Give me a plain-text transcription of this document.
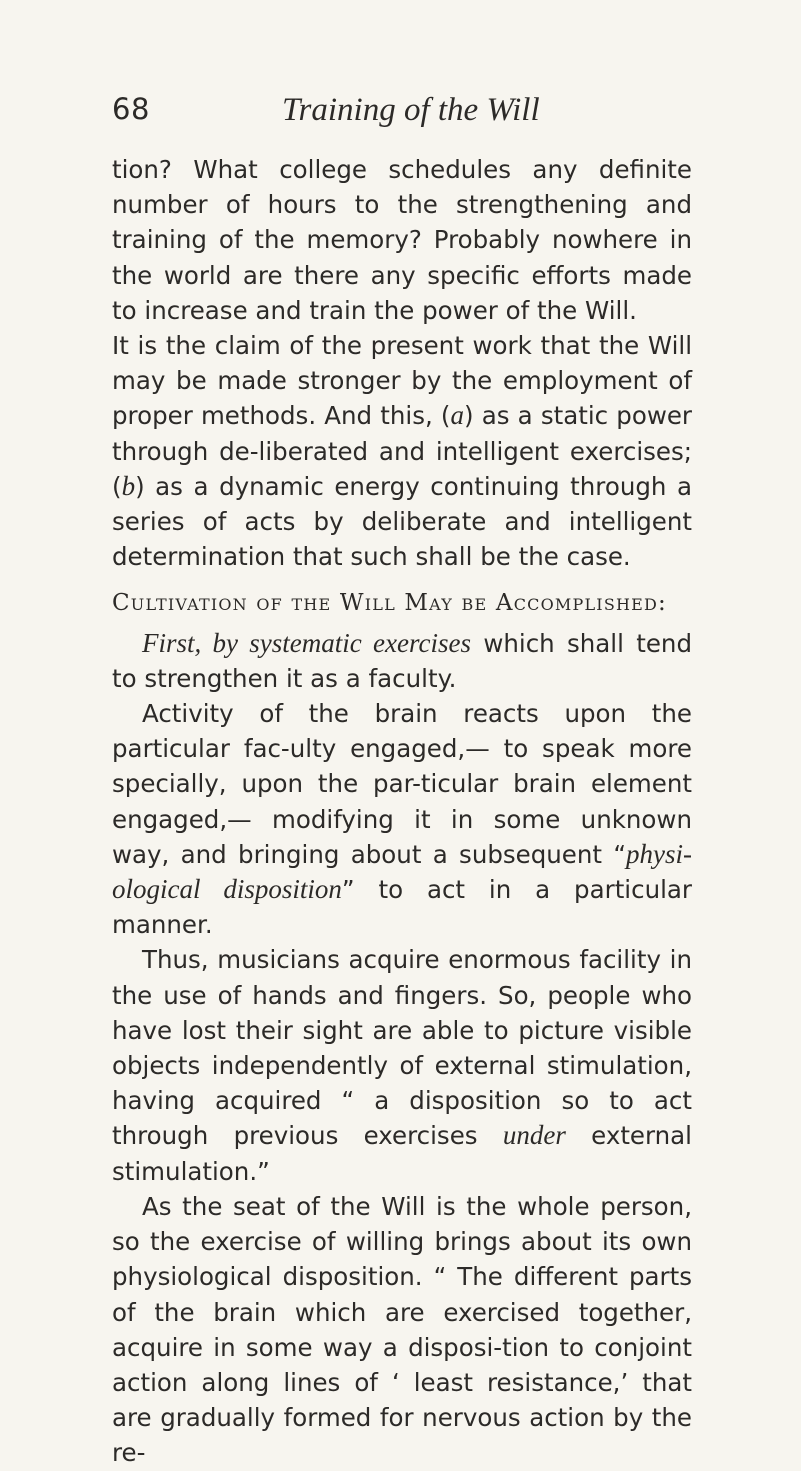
68	Training of the Will

tion? What college schedules any definite number of hours to the strengthening and training of the memory? Probably nowhere in the world are there any specific efforts made to increase and train the power of the Will.

It is the claim of the present work that the Will may be made stronger by the employment of proper methods. And this, (a) as a static power through de-liberated and intelligent exercises; (b) as a dynamic energy continuing through a series of acts by deliberate and intelligent determination that such shall be the case.

Cultivation of the Will May be Accomplished:

First, by systematic exercises which shall tend to strengthen it as a faculty.

Activity of the brain reacts upon the particular fac-ulty engaged,— to speak more specially, upon the par-ticular brain element engaged,— modifying it in some unknown way, and bringing about a subsequent “physi-ological disposition” to act in a particular manner.

Thus, musicians acquire enormous facility in the use of hands and fingers. So, people who have lost their sight are able to picture visible objects independently of external stimulation, having acquired “ a disposition so to act through previous exercises under external stimulation.”

As the seat of the Will is the whole person, so the exercise of willing brings about its own physiological disposition. “ The different parts of the brain which are exercised together, acquire in some way a disposi-tion to conjoint action along lines of ‘ least resistance,’ that are gradually formed for nervous action by the re-
